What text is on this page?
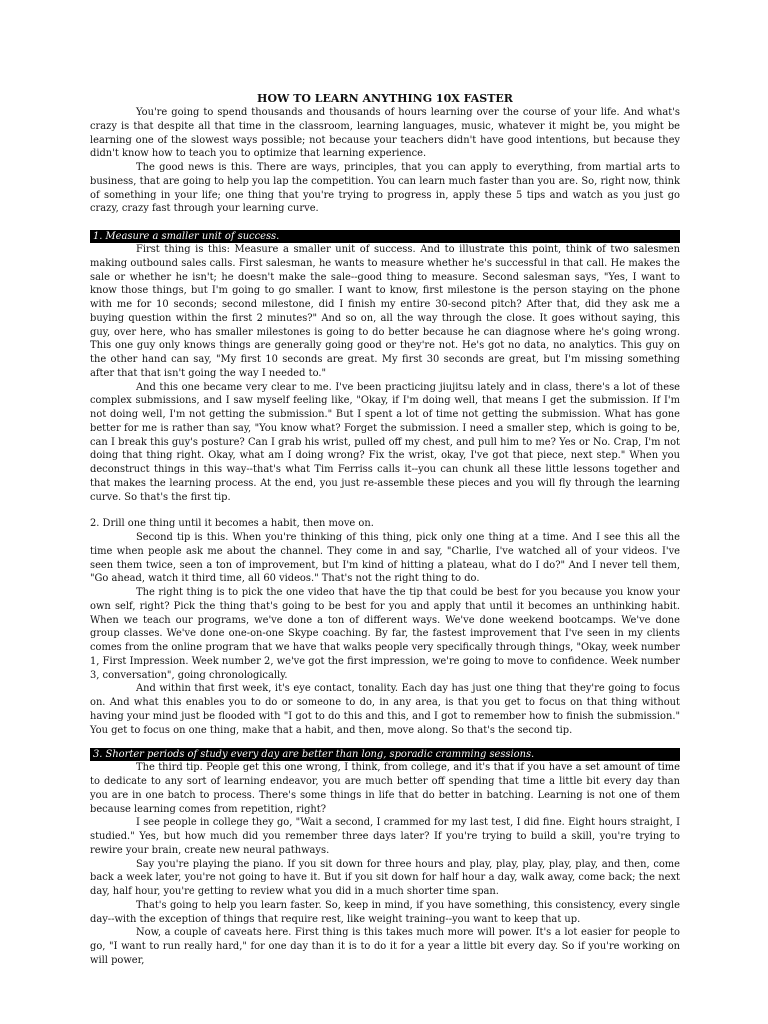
HOW TO LEARN ANYTHING 10X FASTER

You're going to spend thousands and thousands of hours learning over the course of your life. And what's crazy is that despite all that time in the classroom, learning languages, music, whatever it might be, you might be learning one of the slowest ways possible; not because your teachers didn't have good intentions, but because they didn't know how to teach you to optimize that learning experience.

The good news is this. There are ways, principles, that you can apply to everything, from martial arts to business, that are going to help you lap the competition. You can learn much faster than you are. So, right now, think of something in your life; one thing that you're trying to progress in, apply these 5 tips and watch as you just go crazy, crazy fast through your learning curve.

1. Measure a smaller unit of success.

First thing is this: Measure a smaller unit of success. And to illustrate this point, think of two salesmen making outbound sales calls. First salesman, he wants to measure whether he's successful in that call. He makes the sale or whether he isn't; he doesn't make the sale--good thing to measure. Second salesman says, "Yes, I want to know those things, but I'm going to go smaller. I want to know, first milestone is the person staying on the phone with me for 10 seconds; second milestone, did I finish my entire 30-second pitch? After that, did they ask me a buying question within the first 2 minutes?" And so on, all the way through the close. It goes without saying, this guy, over here, who has smaller milestones is going to do better because he can diagnose where he's going wrong. This one guy only knows things are generally going good or they're not. He's got no data, no analytics. This guy on the other hand can say, "My first 10 seconds are great. My first 30 seconds are great, but I'm missing something after that that isn't going the way I needed to."

And this one became very clear to me. I've been practicing jiujitsu lately and in class, there's a lot of these complex submissions, and I saw myself feeling like, "Okay, if I'm doing well, that means I get the submission. If I'm not doing well, I'm not getting the submission." But I spent a lot of time not getting the submission. What has gone better for me is rather than say, "You know what? Forget the submission. I need a smaller step, which is going to be, can I break this guy's posture? Can I grab his wrist, pulled off my chest, and pull him to me? Yes or No. Crap, I'm not doing that thing right. Okay, what am I doing wrong? Fix the wrist, okay, I've got that piece, next step." When you deconstruct things in this way--that's what Tim Ferriss calls it--you can chunk all these little lessons together and that makes the learning process. At the end, you just re-assemble these pieces and you will fly through the learning curve. So that's the first tip.

2. Drill one thing until it becomes a habit, then move on.

Second tip is this. When you're thinking of this thing, pick only one thing at a time. And I see this all the time when people ask me about the channel. They come in and say, "Charlie, I've watched all of your videos. I've seen them twice, seen a ton of improvement, but I'm kind of hitting a plateau, what do I do?" And I never tell them, "Go ahead, watch it third time, all 60 videos." That's not the right thing to do.

The right thing is to pick the one video that have the tip that could be best for you because you know your own self, right? Pick the thing that's going to be best for you and apply that until it becomes an unthinking habit. When we teach our programs, we've done a ton of different ways. We've done weekend bootcamps. We've done group classes. We've done one-on-one Skype coaching. By far, the fastest improvement that I've seen in my clients comes from the online program that we have that walks people very specifically through things, "Okay, week number 1, First Impression. Week number 2, we've got the first impression, we're going to move to confidence. Week number 3, conversation", going chronologically.

And within that first week, it's eye contact, tonality. Each day has just one thing that they're going to focus on. And what this enables you to do or someone to do, in any area, is that you get to focus on that thing without having your mind just be flooded with "I got to do this and this, and I got to remember how to finish the submission." You get to focus on one thing, make that a habit, and then, move along. So that's the second tip.

3. Shorter periods of study every day are better than long, sporadic cramming sessions.

The third tip. People get this one wrong, I think, from college, and it's that if you have a set amount of time to dedicate to any sort of learning endeavor, you are much better off spending that time a little bit every day than you are in one batch to process. There's some things in life that do better in batching. Learning is not one of them because learning comes from repetition, right?

I see people in college they go, "Wait a second, I crammed for my last test, I did fine. Eight hours straight, I studied." Yes, but how much did you remember three days later? If you're trying to build a skill, you're trying to rewire your brain, create new neural pathways.

Say you're playing the piano. If you sit down for three hours and play, play, play, play, play, and then, come back a week later, you're not going to have it. But if you sit down for half hour a day, walk away, come back; the next day, half hour, you're getting to review what you did in a much shorter time span.

That's going to help you learn faster. So, keep in mind, if you have something, this consistency, every single day--with the exception of things that require rest, like weight training--you want to keep that up.

Now, a couple of caveats here. First thing is this takes much more will power. It's a lot easier for people to go, "I want to run really hard," for one day than it is to do it for a year a little bit every day. So if you're working on will power,
